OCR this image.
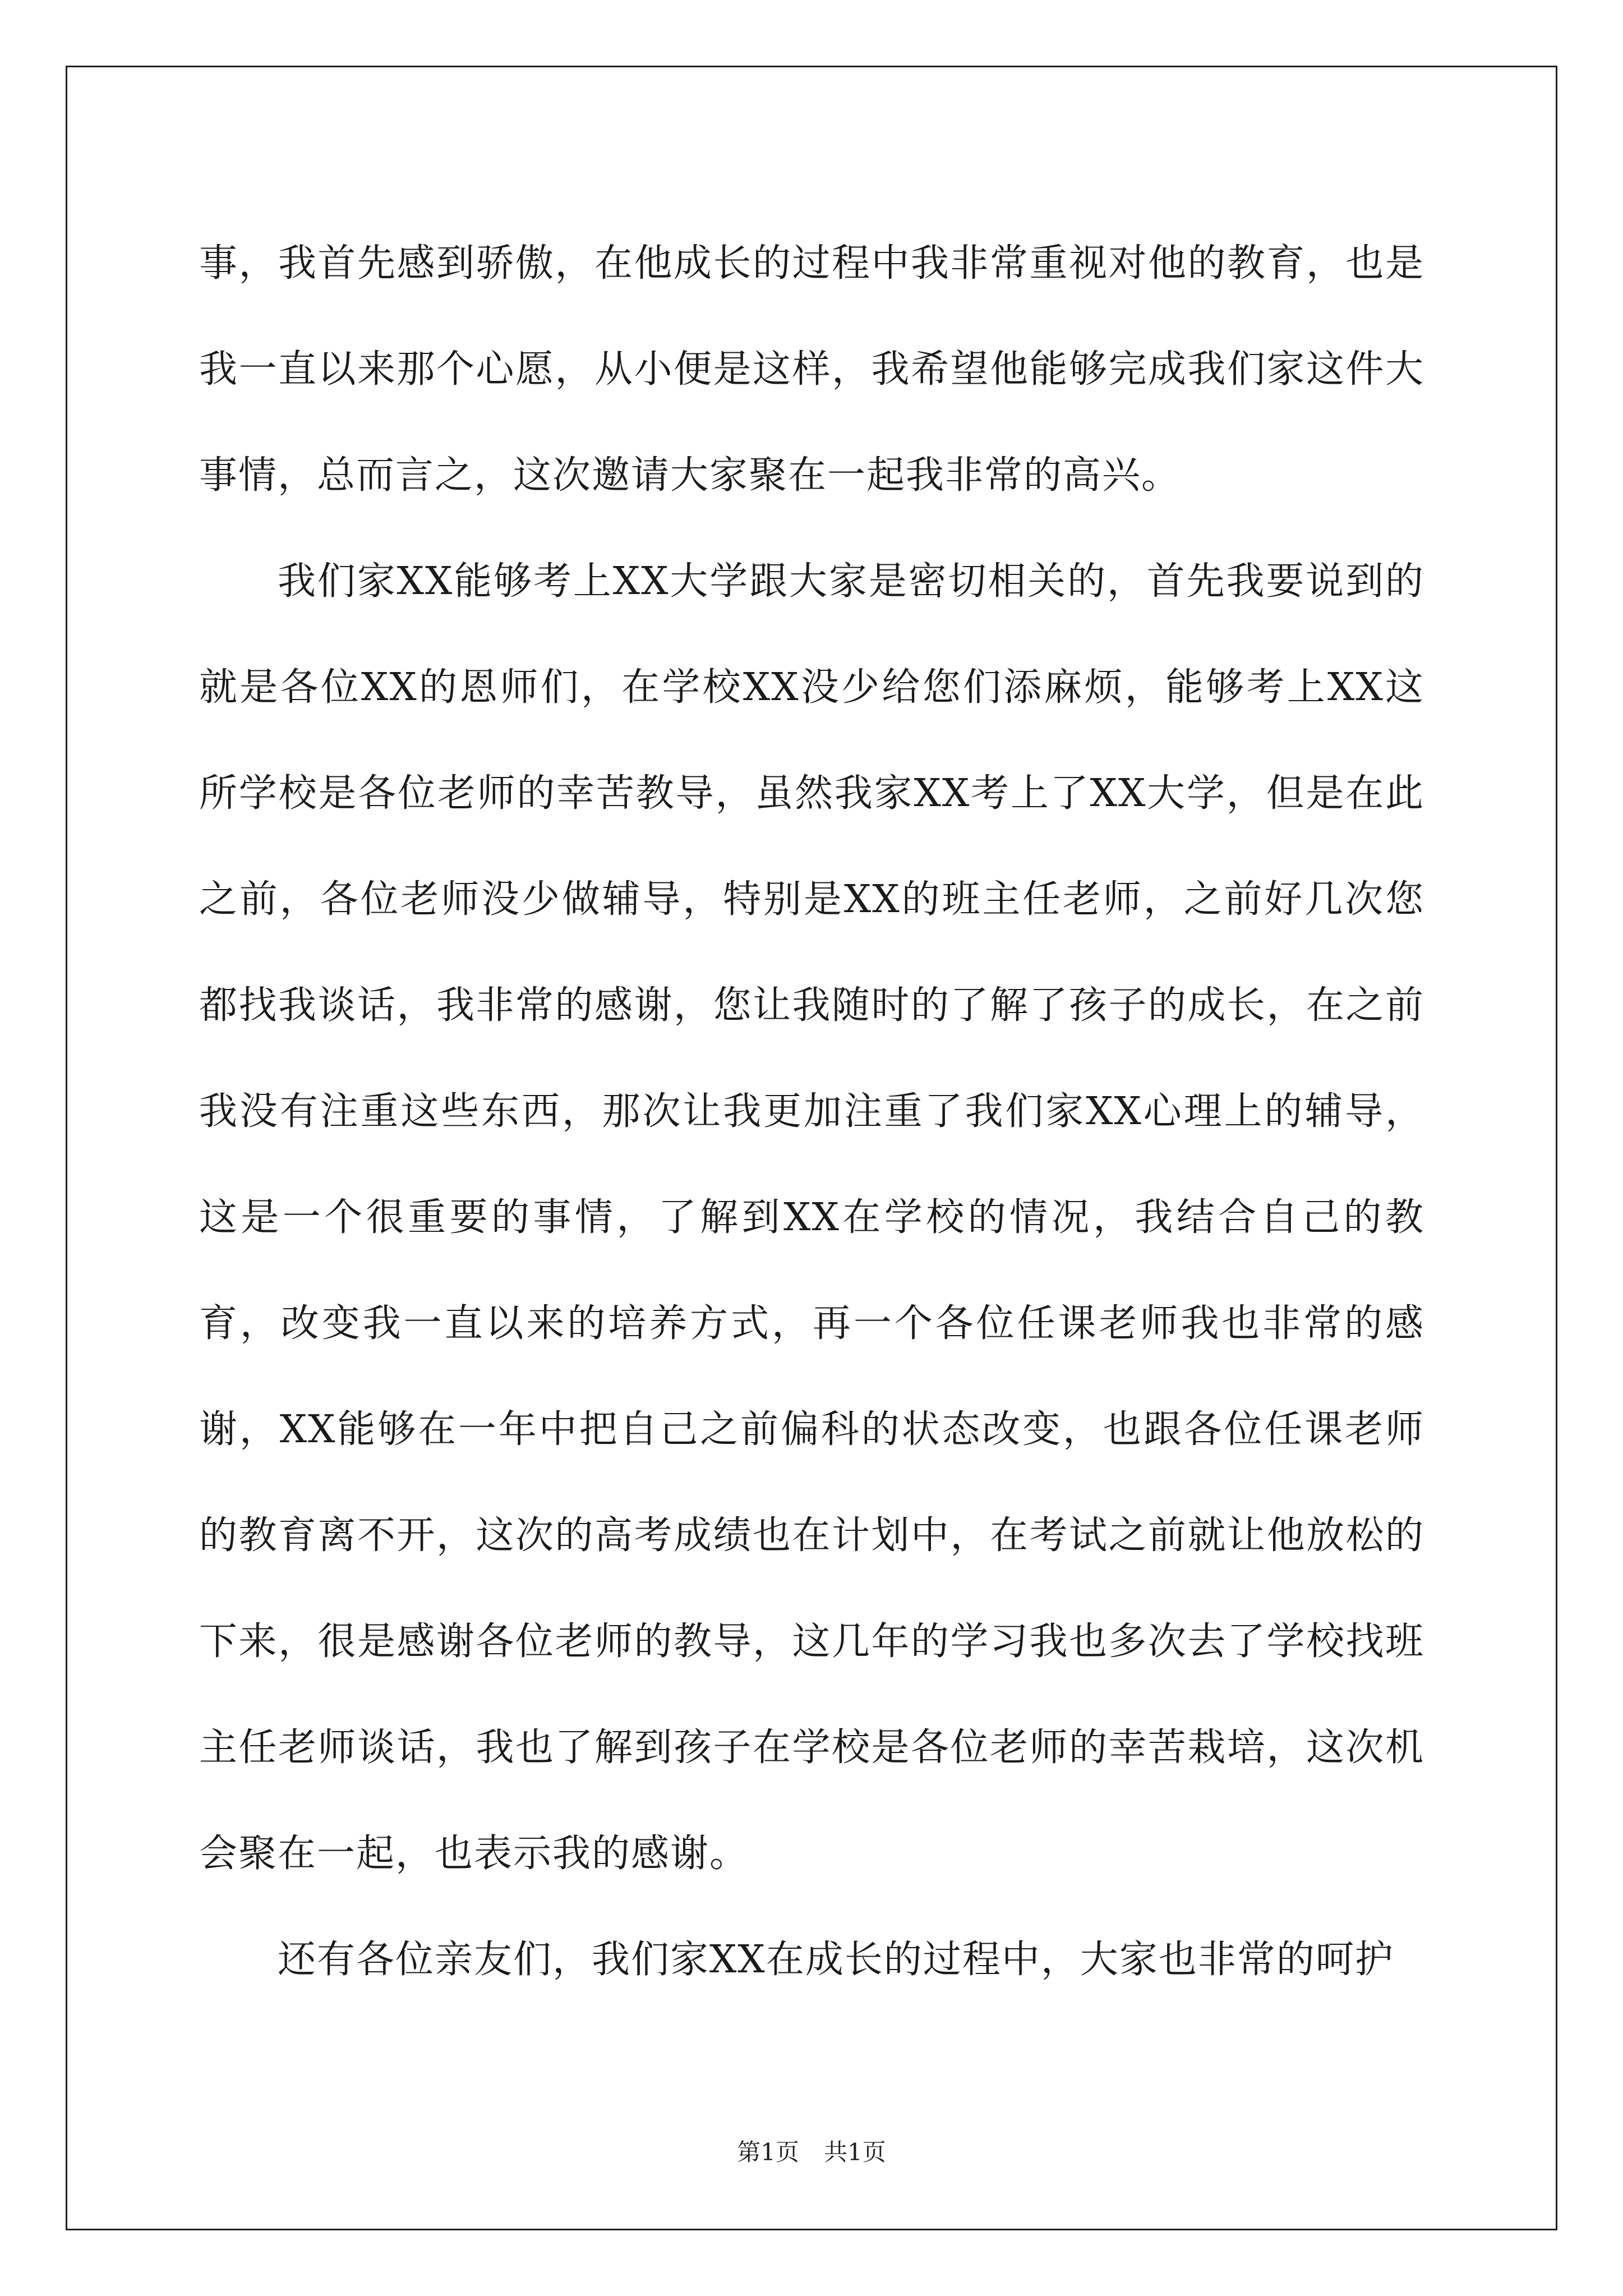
事，我首先感到骄傲，在他成长的过程中我非常重视对他的教育，也是我一直以来那个心愿，从小便是这样，我希望他能够完成我们家这件大事情，总而言之，这次邀请大家聚在一起我非常的高兴。

我们家XX能够考上XX大学跟大家是密切相关的，首先我要说到的就是各位XX的恩师们，在学校XX没少给您们添麻烦，能够考上XX这所学校是各位老师的幸苦教导，虽然我家XX考上了XX大学，但是在此之前，各位老师没少做辅导，特别是XX的班主任老师，之前好几次您都找我谈话，我非常的感谢，您让我随时的了解了孩子的成长，在之前我没有注重这些东西，那次让我更加注重了我们家XX心理上的辅导，这是一个很重要的事情，了解到XX在学校的情况，我结合自己的教育，改变我一直以来的培养方式，再一个各位任课老师我也非常的感谢，XX能够在一年中把自己之前偏科的状态改变，也跟各位任课老师的教育离不开，这次的高考成绩也在计划中，在考试之前就让他放松的下来，很是感谢各位老师的教导，这几年的学习我也多次去了学校找班主任老师谈话，我也了解到孩子在学校是各位老师的幸苦栽培，这次机会聚在一起，也表示我的感谢。

还有各位亲友们，我们家XX在成长的过程中，大家也非常的呵护

第1页 共1页
